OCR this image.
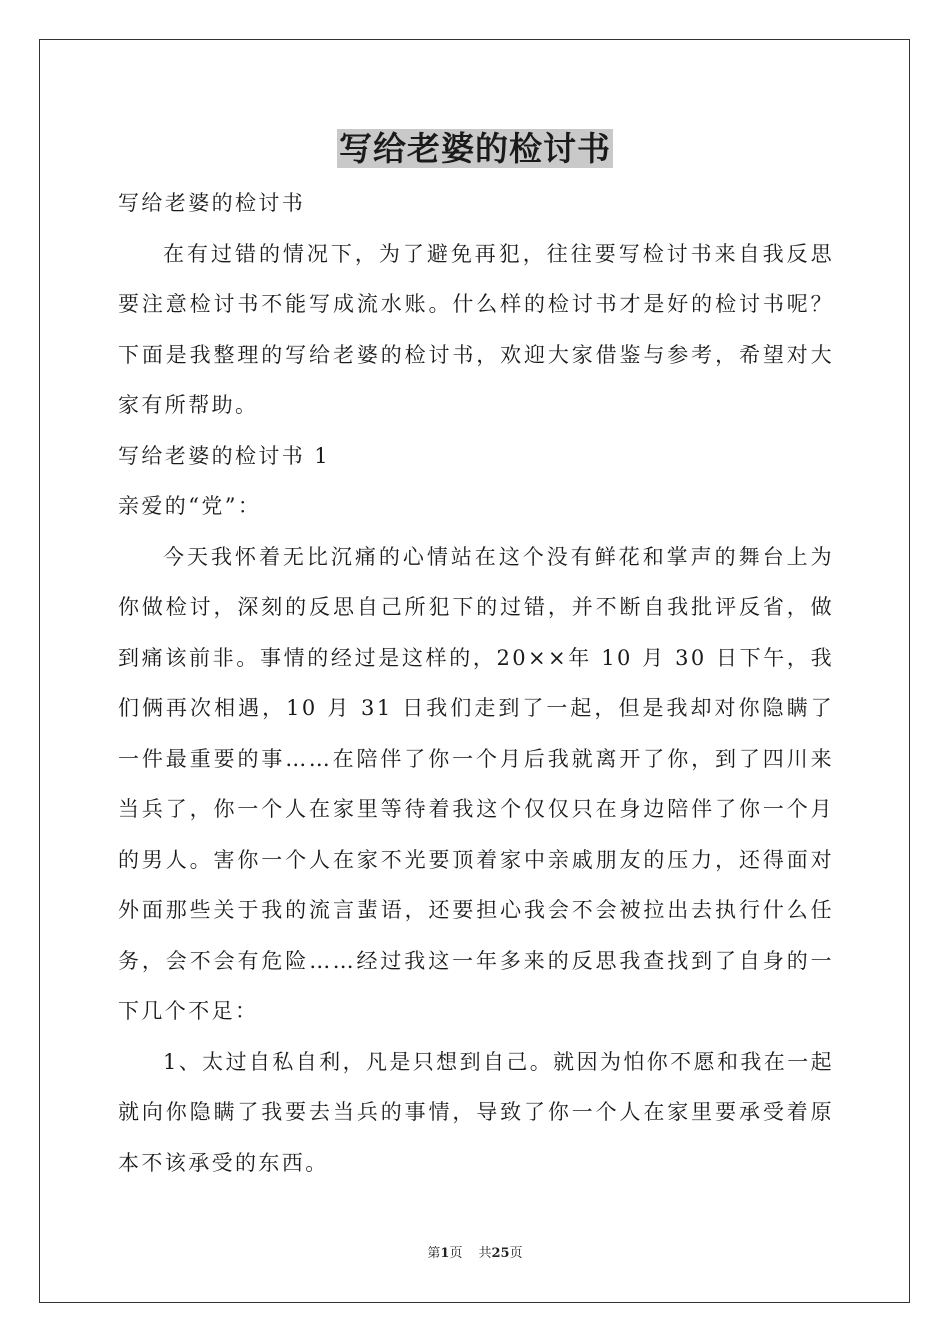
写给老婆的检讨书

写给老婆的检讨书

在有过错的情况下，为了避免再犯，往往要写检讨书来自我反思要注意检讨书不能写成流水账。什么样的检讨书才是好的检讨书呢？下面是我整理的写给老婆的检讨书，欢迎大家借鉴与参考，希望对大家有所帮助。

写给老婆的检讨书 1

亲爱的“党”：

今天我怀着无比沉痛的心情站在这个没有鲜花和掌声的舞台上为你做检讨，深刻的反思自己所犯下的过错，并不断自我批评反省，做到痛该前非。事情的经过是这样的，20××年 10 月 30 日下午，我们俩再次相遇，10 月 31 日我们走到了一起，但是我却对你隐瞒了一件最重要的事……在陪伴了你一个月后我就离开了你，到了四川来当兵了，你一个人在家里等待着我这个仅仅只在身边陪伴了你一个月的男人。害你一个人在家不光要顶着家中亲戚朋友的压力，还得面对外面那些关于我的流言蜚语，还要担心我会不会被拉出去执行什么任务，会不会有危险……经过我这一年多来的反思我查找到了自身的一下几个不足：

1、太过自私自利，凡是只想到自己。就因为怕你不愿和我在一起就向你隐瞒了我要去当兵的事情，导致了你一个人在家里要承受着原本不该承受的东西。

第1页 共25页
